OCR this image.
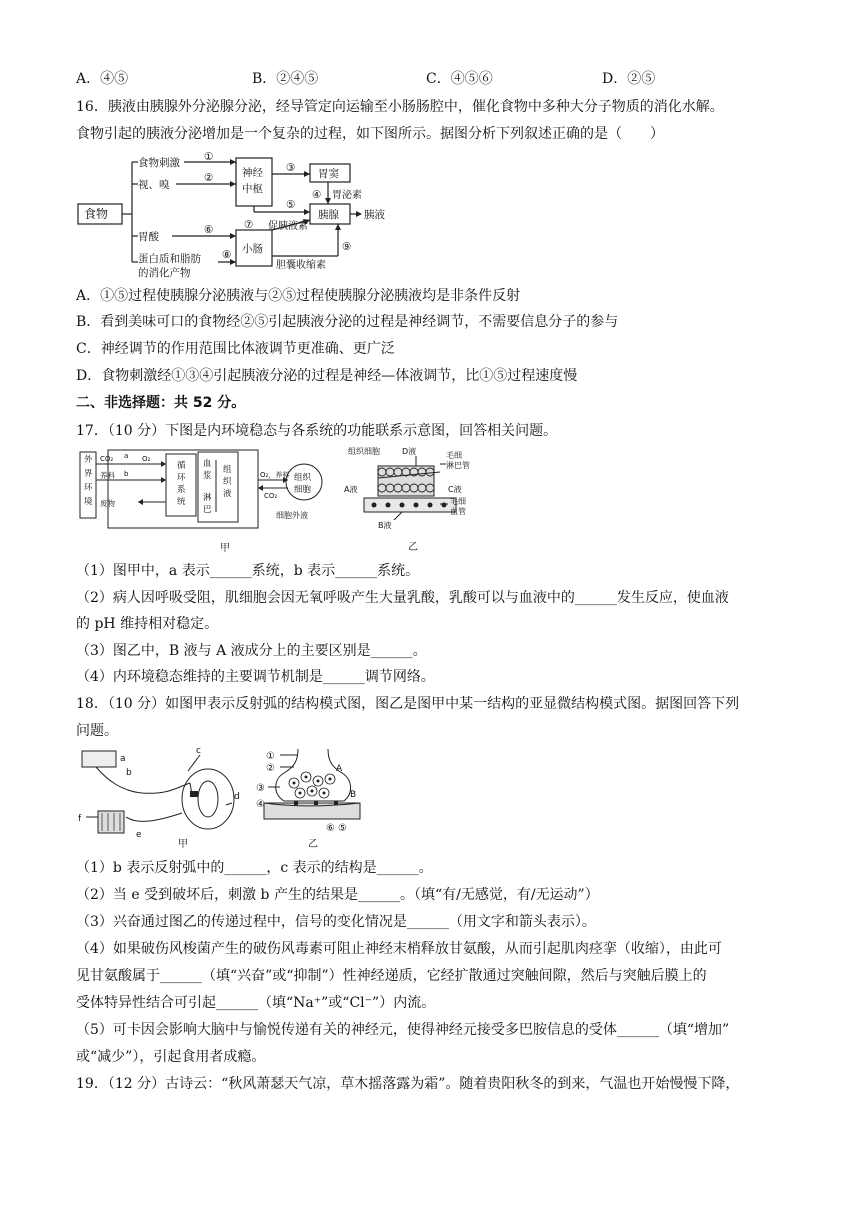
A．④⑤	B．②④⑤	C．④⑤⑥	D．②⑤
16．胰液由胰腺外分泌腺分泌，经导管定向运输至小肠肠腔中，催化食物中多种大分子物质的消化水解。
食物引起的胰液分泌增加是一个复杂的过程，如下图所示。据图分析下列叙述正确的是（　　）
食物
食物刺激
视、嗅
胃酸
蛋白质和脂肪
的消化产物
神经
中枢
胃窦
胃泌素
胰腺 胰液
促胰液素
小肠
胆囊收缩素
①
②
③
④
⑤
⑥	⑦
⑧
⑨
A．①⑤过程使胰腺分泌胰液与②⑤过程使胰腺分泌胰液均是非条件反射
B．看到美味可口的食物经②⑤引起胰液分泌的过程是神经调节，不需要信息分子的参与
C．神经调节的作用范围比体液调节更准确、更广泛
D．食物刺激经①③④引起胰液分泌的过程是神经—体液调节，比①⑤过程速度慢
二、非选择题：共 52 分。
17．（10 分）下图是内环境稳态与各系统的功能联系示意图，回答相关问题。
外
界
环
境
CO₂ a O₂
b
养料
废物
循
环
系
统
血
浆
淋
巴
组
织
液
O₂，养料
CO₂
组织
细胞
细胞外液
甲
组织细胞	D液	毛细
淋巴管
A液	C液
毛细
血管
B液
乙
（1）图甲中，a 表示______系统，b 表示______系统。
（2）病人因呼吸受阻，肌细胞会因无氧呼吸产生大量乳酸，乳酸可以与血液中的______发生反应，使血液
的 pH 维持相对稳定。
（3）图乙中，B 液与 A 液成分上的主要区别是______。
（4）内环境稳态维持的主要调节机制是______调节网络。
18．（10 分）如图甲表示反射弧的结构模式图，图乙是图甲中某一结构的亚显微结构模式图。据图回答下列
问题。
a
b
c
d
e
f
甲
①
②
③
④
A
B
⑤
⑥
乙
（1）b 表示反射弧中的______，c 表示的结构是______。
（2）当 e 受到破坏后，刺激 b 产生的结果是______。（填“有/无感觉，有/无运动”）
（3）兴奋通过图乙的传递过程中，信号的变化情况是______（用文字和箭头表示）。
（4）如果破伤风梭菌产生的破伤风毒素可阻止神经末梢释放甘氨酸，从而引起肌肉痉挛（收缩），由此可
见甘氨酸属于______（填“兴奋”或“抑制”）性神经递质，它经扩散通过突触间隙，然后与突触后膜上的
受体特异性结合可引起______（填“Na⁺”或“Cl⁻”）内流。
（5）可卡因会影响大脑中与愉悦传递有关的神经元，使得神经元接受多巴胺信息的受体______（填“增加”
或“减少”），引起食用者成瘾。
19．（12 分）古诗云：“秋风萧瑟天气凉，草木摇落露为霜”。随着贵阳秋冬的到来，气温也开始慢慢下降，
